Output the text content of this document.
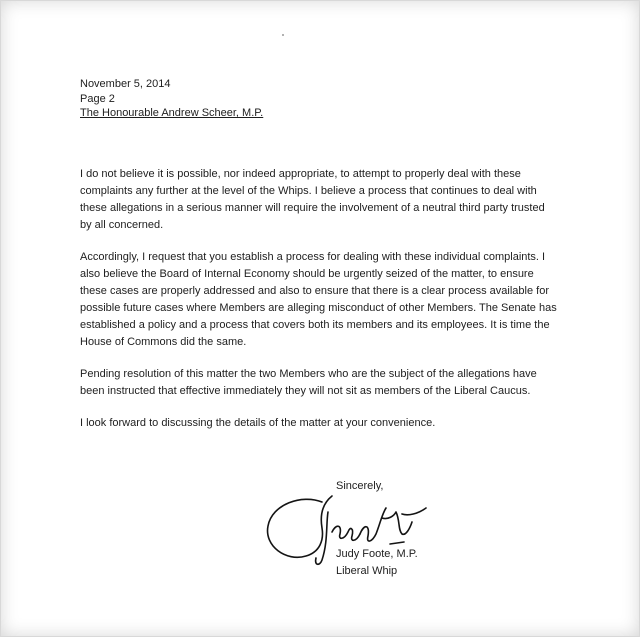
November 5, 2014
Page 2
The Honourable Andrew Scheer, M.P.

I do not believe it is possible, nor indeed appropriate, to attempt to properly deal with these complaints any further at the level of the Whips. I believe a process that continues to deal with these allegations in a serious manner will require the involvement of a neutral third party trusted by all concerned.

Accordingly, I request that you establish a process for dealing with these individual complaints. I also believe the Board of Internal Economy should be urgently seized of the matter, to ensure these cases are properly addressed and also to ensure that there is a clear process available for possible future cases where Members are alleging misconduct of other Members. The Senate has established a policy and a process that covers both its members and its employees. It is time the House of Commons did the same.

Pending resolution of this matter the two Members who are the subject of the allegations have been instructed that effective immediately they will not sit as members of the Liberal Caucus.

I look forward to discussing the details of the matter at your convenience.

Sincerely,
Judy Foote, M.P.
Liberal Whip
